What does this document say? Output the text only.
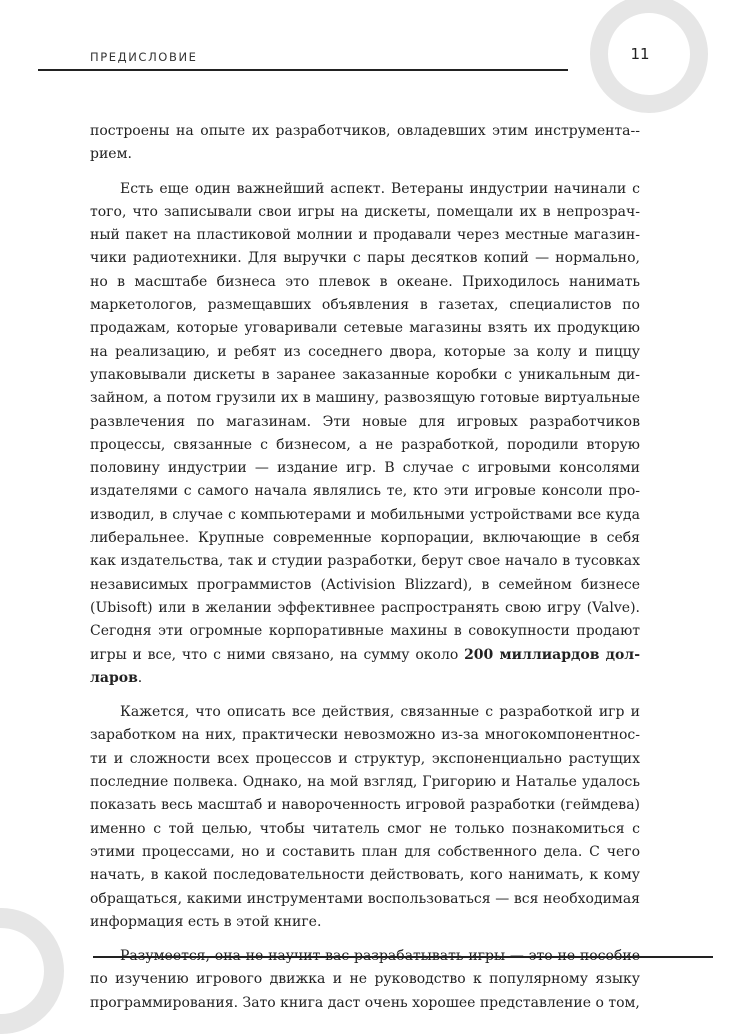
ПРЕДИСЛОВИЕ	11

построены на опыте их разработчиков, овладевших этим инструмента-рием.

Есть еще один важнейший аспект. Ветераны индустрии начинали с того, что записывали свои игры на дискеты, помещали их в непрозрачный пакет на пластиковой молнии и продавали через местные магазинчики радиотехники. Для выручки с пары десятков копий — нормально, но в масштабе бизнеса это плевок в океане. Приходилось нанимать маркетологов, размещавших объявления в газетах, специалистов по продажам, которые уговаривали сетевые магазины взять их продукцию на реализацию, и ребят из соседнего двора, которые за колу и пиццу упаковывали дискеты в заранее заказанные коробки с уникальным дизайном, а потом грузили их в машину, развозящую готовые виртуальные развлечения по магазинам. Эти новые для игровых разработчиков процессы, связанные с бизнесом, а не разработкой, породили вторую половину индустрии — издание игр. В случае с игровыми консолями издателями с самого начала являлись те, кто эти игровые консоли производил, в случае с компьютерами и мобильными устройствами все куда либеральнее. Крупные современные корпорации, включающие в себя как издательства, так и студии разработки, берут свое начало в тусовках независимых программистов (Activision Blizzard), в семейном бизнесе (Ubisoft) или в желании эффективнее распространять свою игру (Valve). Сегодня эти огромные корпоративные махины в совокупности продают игры и все, что с ними связано, на сумму около 200 миллиардов долларов.

Кажется, что описать все действия, связанные с разработкой игр и заработком на них, практически невозможно из-за многокомпонентности и сложности всех процессов и структур, экспоненциально растущих последние полвека. Однако, на мой взгляд, Григорию и Наталье удалось показать весь масштаб и навороченность игровой разработки (геймдева) именно с той целью, чтобы читатель смог не только познакомиться с этими процессами, но и составить план для собственного дела. С чего начать, в какой последовательности действовать, кого нанимать, к кому обращаться, какими инструментами воспользоваться — вся необходимая информация есть в этой книге.

Разумеется, она не научит вас разрабатывать игры — это не пособие по изучению игрового движка и не руководство к популярному языку программирования. Зато книга даст очень хорошее представление о том,
